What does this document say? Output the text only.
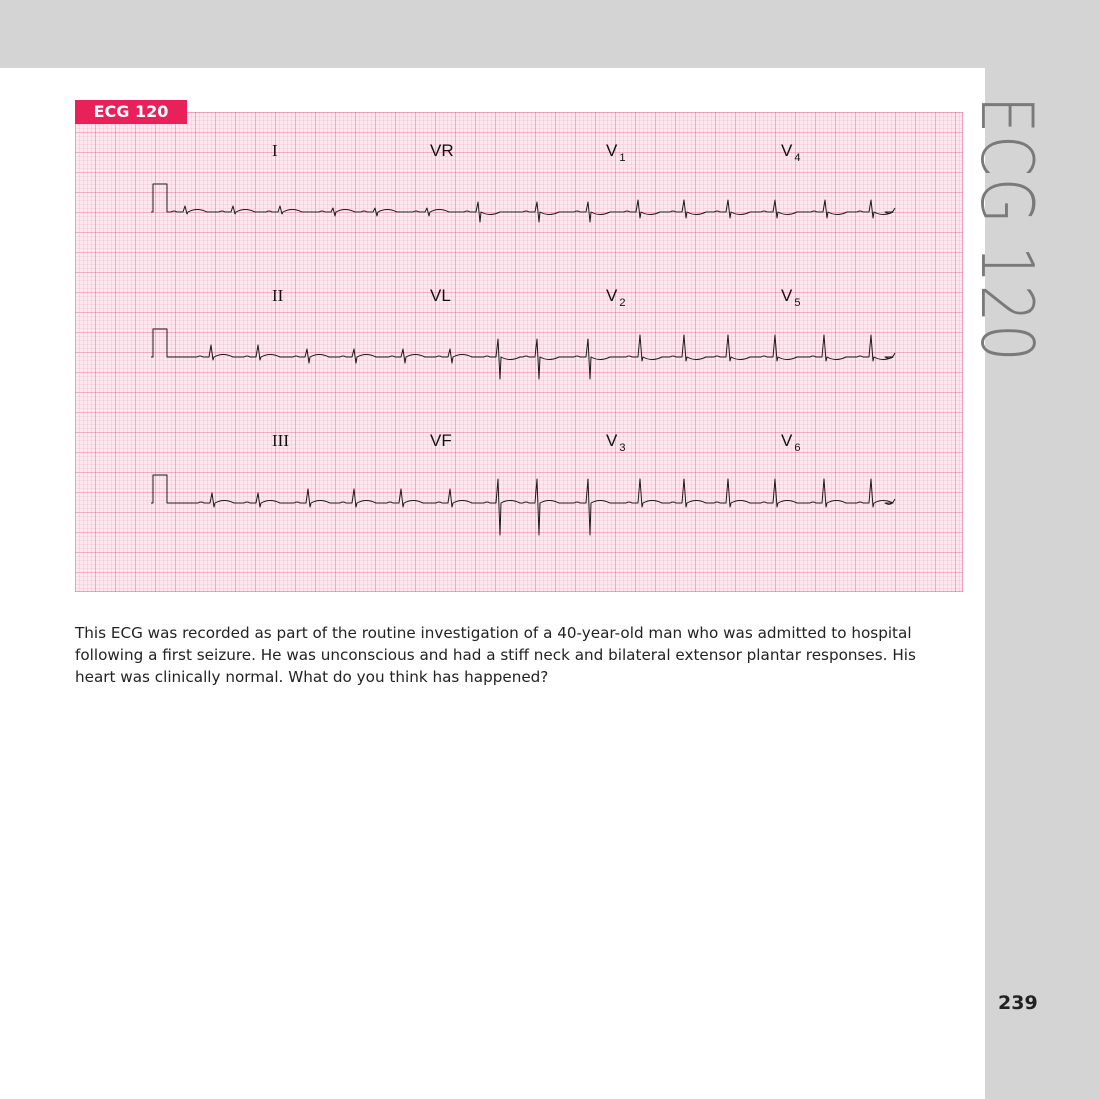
ECG 120
239
I	VR	V $_1$	V $_4$
II	VL	V $_2$	V $_5$
III	VF	V $_3$	V $_6$
ECG 120
This ECG was recorded as part of the routine investigation of a 40-year-old man who was admitted to hospital following a first seizure. He was unconscious and had a stiff neck and bilateral extensor plantar responses. His heart was clinically normal. What do you think has happened?
